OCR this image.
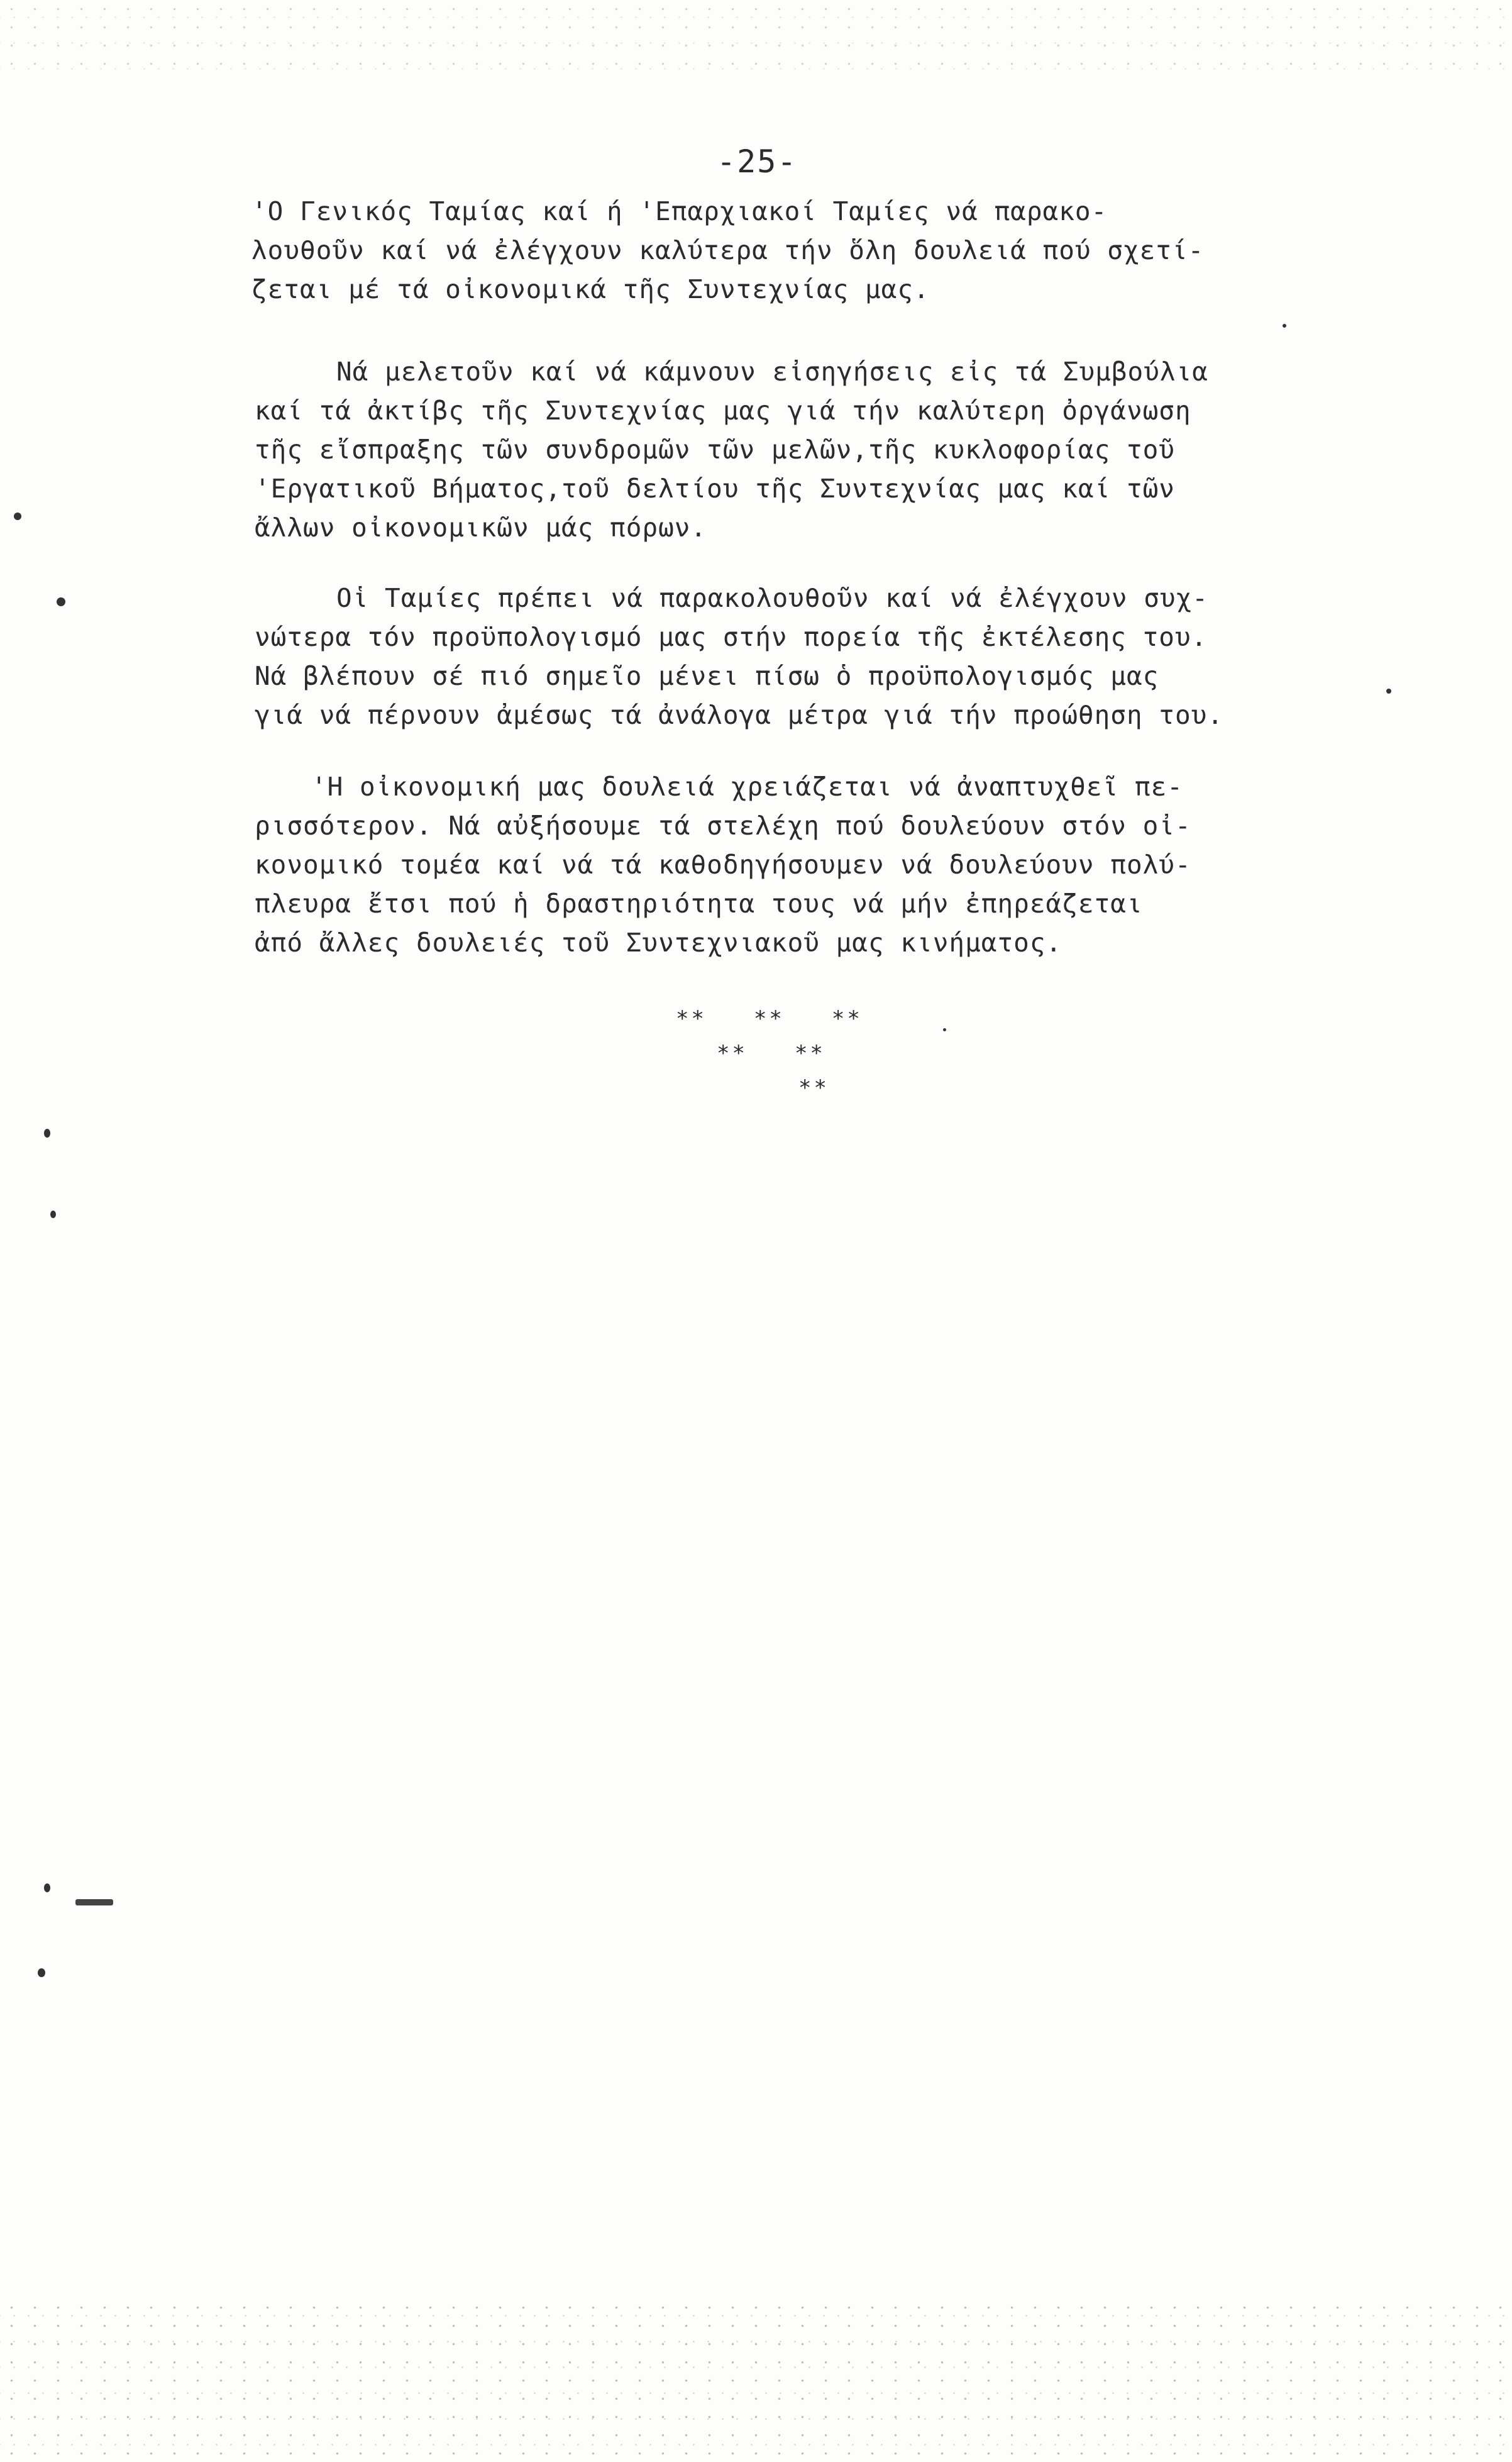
-25-
'Ο Γενικός Ταμίας καί ή 'Επαρχιακοί Ταμίες νά παρακο-
λουθοῦν καί νά ἐλέγχουν καλύτερα τήν ὅλη δουλειά πού σχετί-
ζεται μέ τά οἰκονομικά τῆς Συντεχνίας μας.
Νά μελετοῦν καί νά κάμνουν εἰσηγήσεις εἰς τά Συμβούλια
καί τά ἀκτίβς τῆς Συντεχνίας μας γιά τήν καλύτερη ὀργάνωση
τῆς εἴσπραξης τῶν συνδρομῶν τῶν μελῶν,τῆς κυκλοφορίας τοῦ
'Εργατικοῦ Βήματος,τοῦ δελτίου τῆς Συντεχνίας μας καί τῶν
ἄλλων οἰκονομικῶν μάς πόρων.
Οἱ Ταμίες πρέπει νά παρακολουθοῦν καί νά ἐλέγχουν συχ-
νώτερα τόν προϋπολογισμό μας στήν πορεία τῆς ἐκτέλεσης του.
Νά βλέπουν σέ πιό σημεῖο μένει πίσω ὁ προϋπολογισμός μας
γιά νά πέρνουν ἀμέσως τά ἀνάλογα μέτρα γιά τήν προώθηση του.
'Η οἰκονομική μας δουλειά χρειάζεται νά ἀναπτυχθεῖ πε-
ρισσότερον. Νά αὐξήσουμε τά στελέχη πού δουλεύουν στόν οἰ-
κονομικό τομέα καί νά τά καθοδηγήσουμεν νά δουλεύουν πολύ-
πλευρα ἔτσι πού ἡ δραστηριότητα τους νά μήν ἐπηρεάζεται
ἀπό ἄλλες δουλειές τοῦ Συντεχνιακοῦ μας κινήματος.
** ** **
** **
**
